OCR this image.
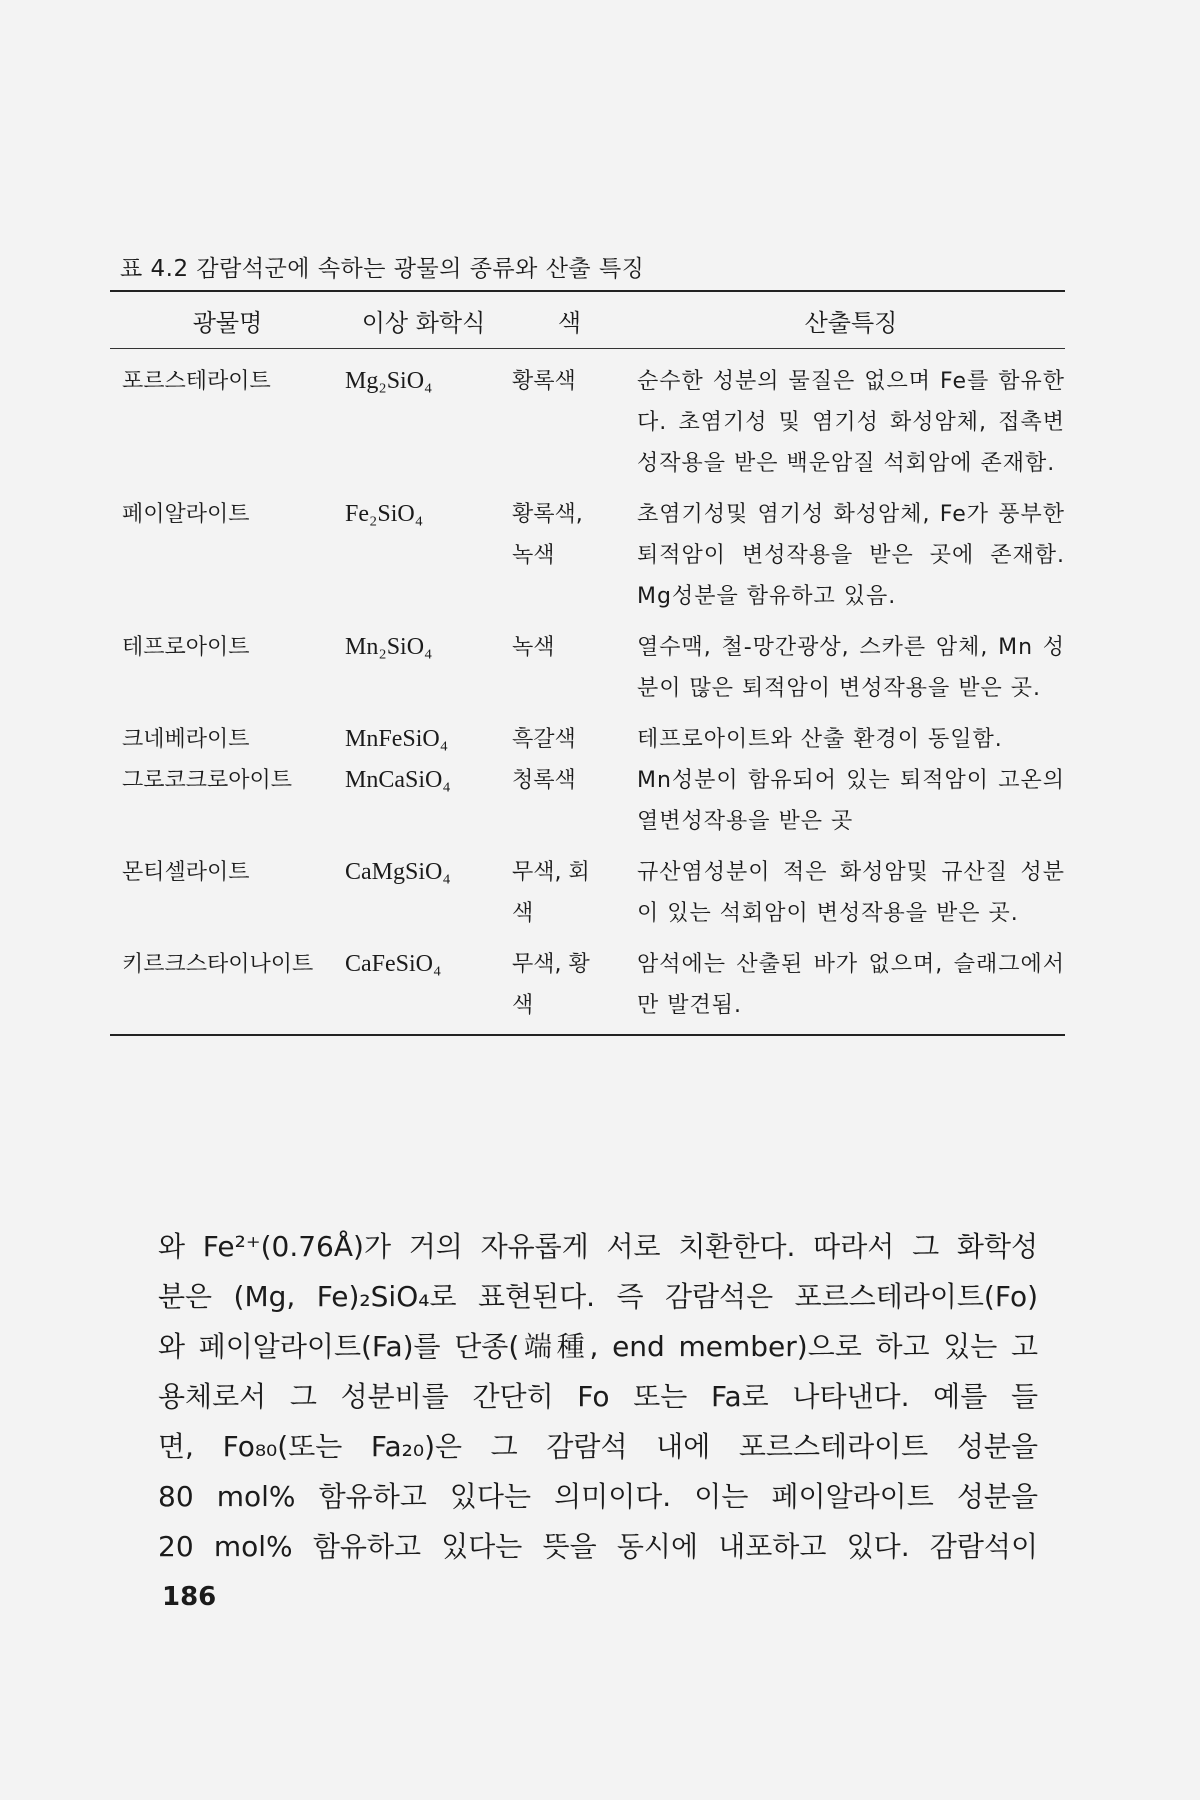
표 4.2 감람석군에 속하는 광물의 종류와 산출 특징
광물명	이상 화학식	색	산출특징

포르스테라이트	Mg₂SiO₄	황록색	순수한 성분의 물질은 없으며 Fe를 함유한다. 초염기성 및 염기성 화성암체, 접촉변성작용을 받은 백운암질 석회암에 존재함.
페이알라이트	Fe₂SiO₄	황록색, 녹색	초염기성및 염기성 화성암체, Fe가 풍부한 퇴적암이 변성작용을 받은 곳에 존재함. Mg성분을 함유하고 있음.
테프로아이트	Mn₂SiO₄	녹색	열수맥, 철-망간광상, 스카른 암체, Mn 성분이 많은 퇴적암이 변성작용을 받은 곳.
크네베라이트	MnFeSiO₄	흑갈색	테프로아이트와 산출 환경이 동일함.
그로코크로아이트	MnCaSiO₄	청록색	Mn성분이 함유되어 있는 퇴적암이 고온의 열변성작용을 받은 곳
몬티셀라이트	CaMgSiO₄	무색, 회색	규산염성분이 적은 화성암및 규산질 성분이 있는 석회암이 변성작용을 받은 곳.
키르크스타이나이트	CaFeSiO₄	무색, 황색	암석에는 산출된 바가 없으며, 슬래그에서만 발견됨.
와 Fe²⁺(0.76Å)가 거의 자유롭게 서로 치환한다. 따라서 그 화학성
분은 (Mg, Fe)₂SiO₄로 표현된다. 즉 감람석은 포르스테라이트(Fo)
와 페이알라이트(Fa)를 단종(端種, end member)으로 하고 있는 고
용체로서 그 성분비를 간단히 Fo 또는 Fa로 나타낸다. 예를 들
면, Fo₈₀(또는 Fa₂₀)은 그 감람석 내에 포르스테라이트 성분을
80 mol% 함유하고 있다는 의미이다. 이는 페이알라이트 성분을
20 mol% 함유하고 있다는 뜻을 동시에 내포하고 있다. 감람석이
186
